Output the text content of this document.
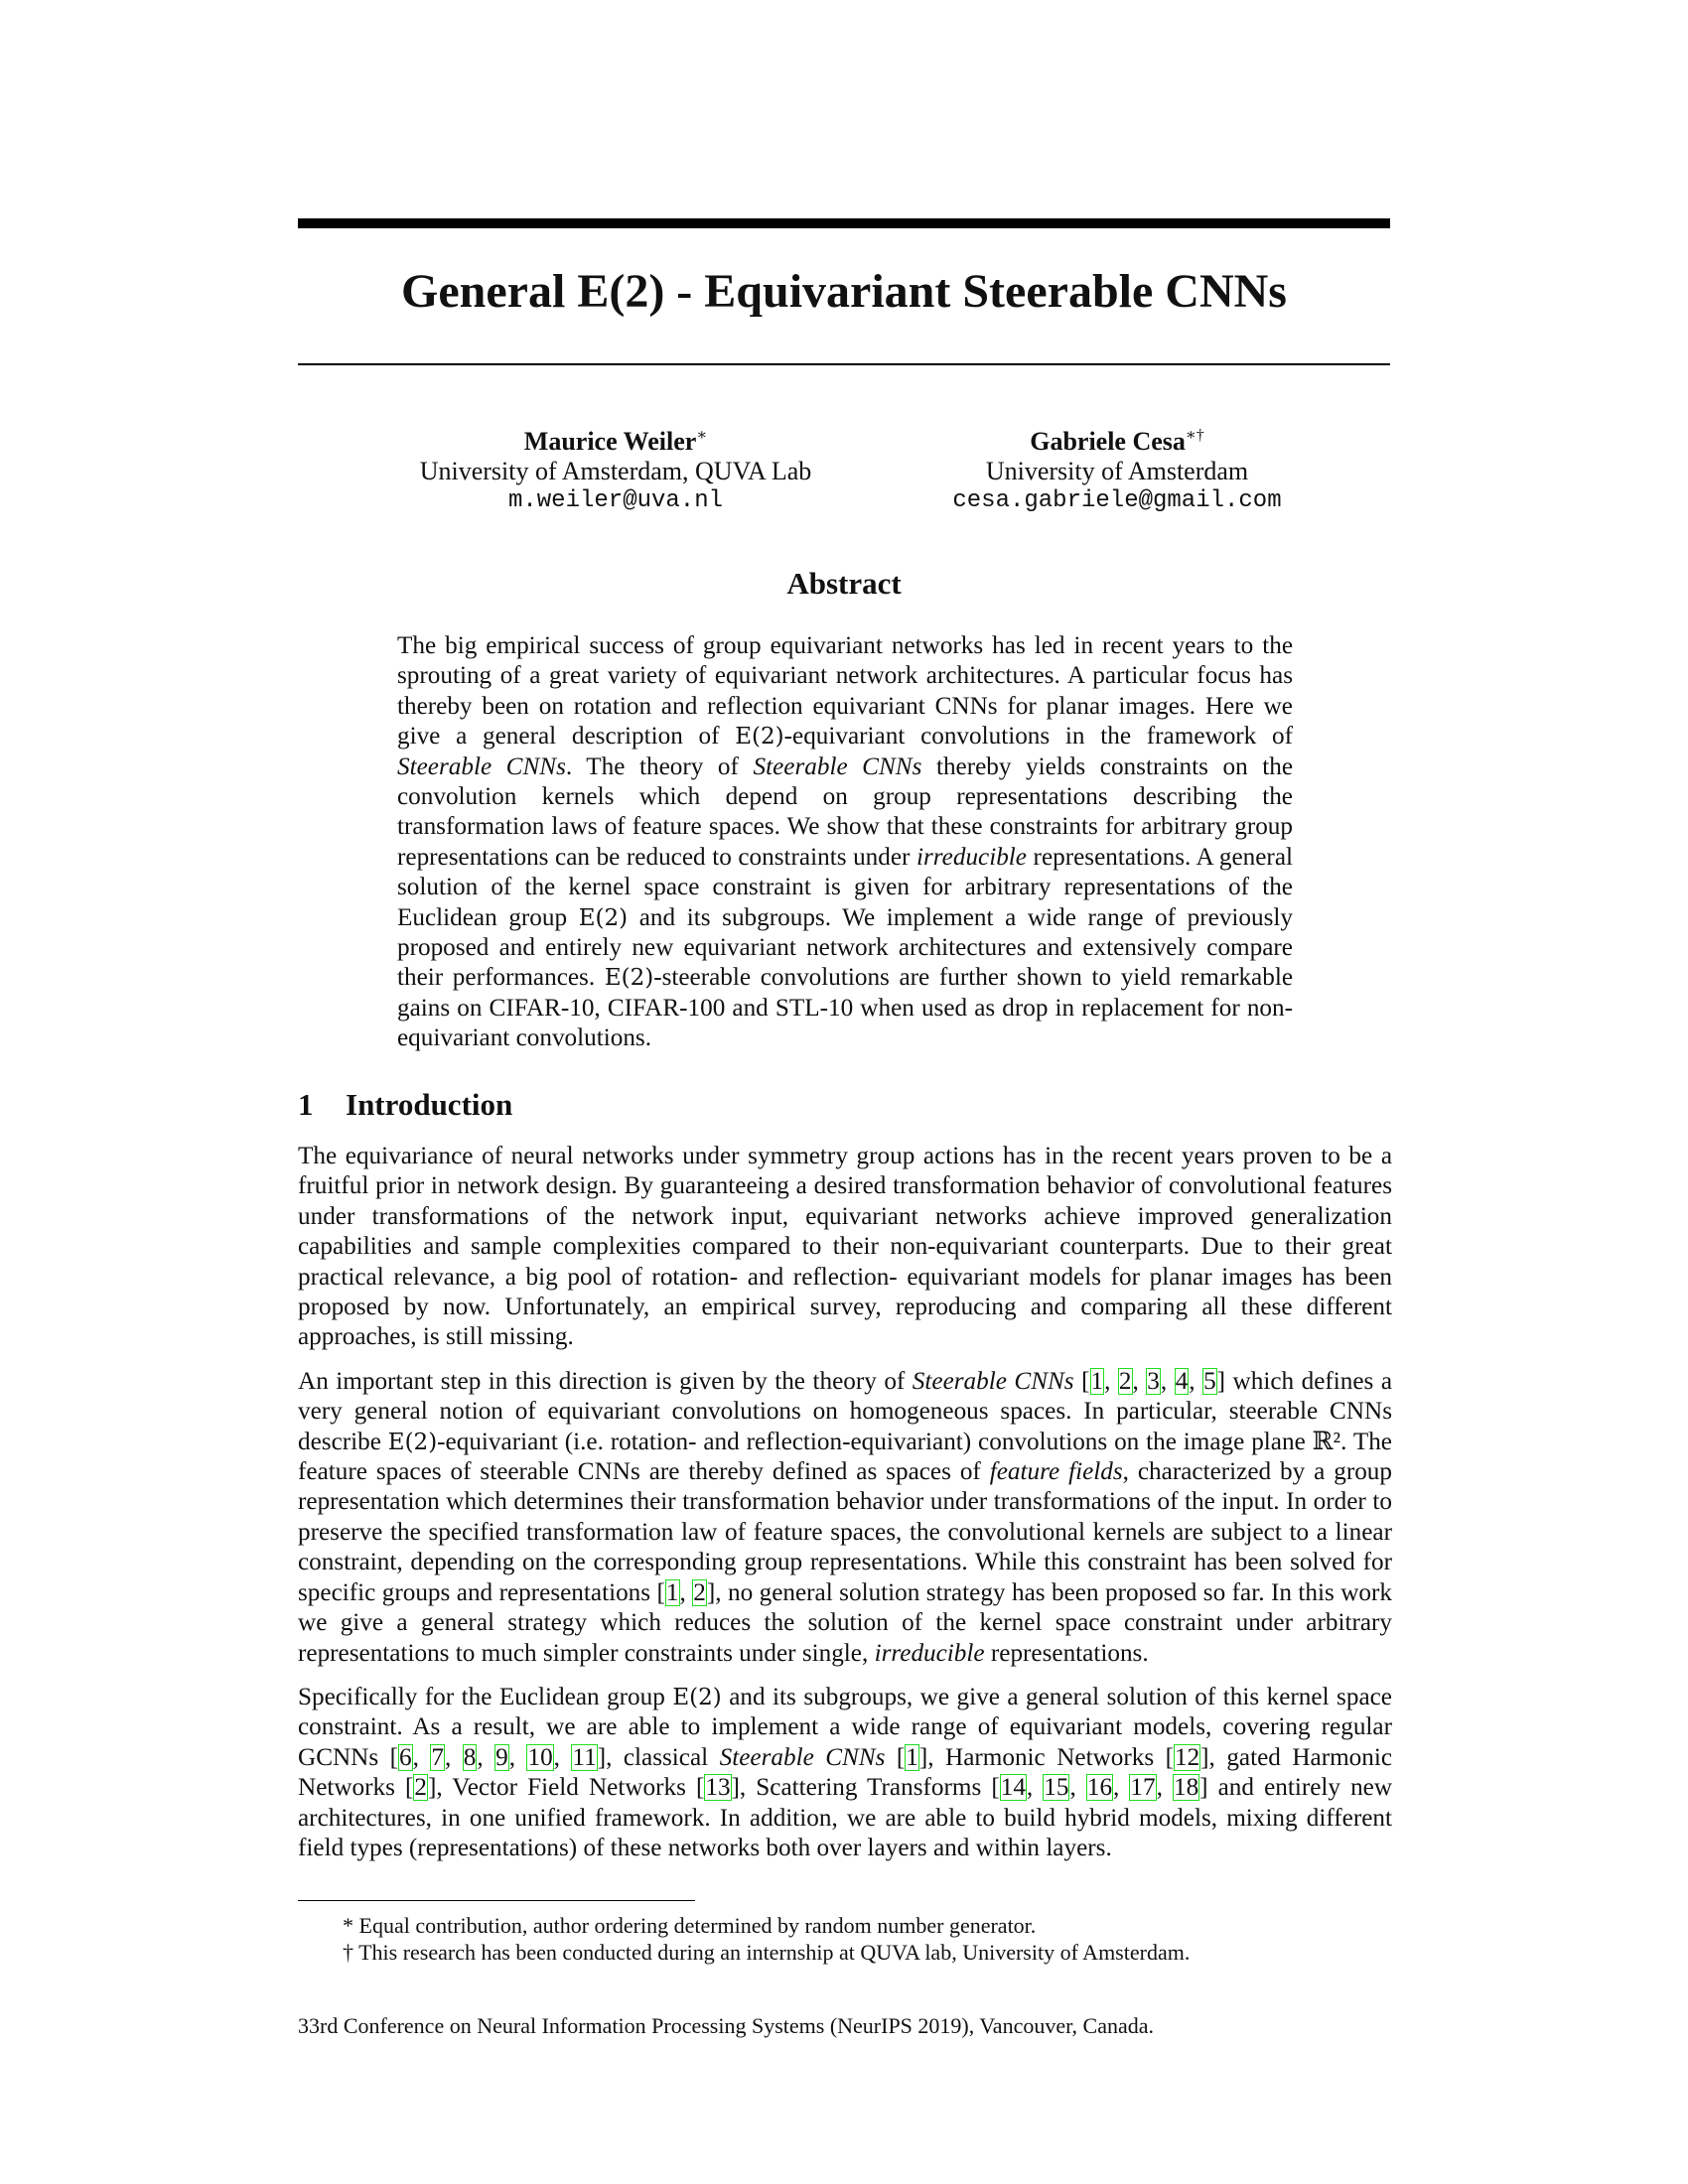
General E(2) - Equivariant Steerable CNNs
Maurice Weiler∗
University of Amsterdam, QUVA Lab
m.weiler@uva.nl
Gabriele Cesa∗†
University of Amsterdam
cesa.gabriele@gmail.com
Abstract
The big empirical success of group equivariant networks has led in recent years to the sprouting of a great variety of equivariant network architectures. A particular focus has thereby been on rotation and reflection equivariant CNNs for planar images. Here we give a general description of E(2)-equivariant convolutions in the framework of Steerable CNNs. The theory of Steerable CNNs thereby yields constraints on the convolution kernels which depend on group representations describing the transformation laws of feature spaces. We show that these constraints for arbitrary group representations can be reduced to constraints under irreducible representations. A general solution of the kernel space constraint is given for arbitrary representations of the Euclidean group E(2) and its subgroups. We implement a wide range of previously proposed and entirely new equivariant network architectures and extensively compare their performances. E(2)-steerable convolutions are further shown to yield remarkable gains on CIFAR-10, CIFAR-100 and STL-10 when used as drop in replacement for non-equivariant convolutions.
1 Introduction

The equivariance of neural networks under symmetry group actions has in the recent years proven to be a fruitful prior in network design. By guaranteeing a desired transformation behavior of convolutional features under transformations of the network input, equivariant networks achieve improved generalization capabilities and sample complexities compared to their non-equivariant counterparts. Due to their great practical relevance, a big pool of rotation- and reflection- equivariant models for planar images has been proposed by now. Unfortunately, an empirical survey, reproducing and comparing all these different approaches, is still missing.

An important step in this direction is given by the theory of Steerable CNNs [1, 2, 3, 4, 5] which defines a very general notion of equivariant convolutions on homogeneous spaces. In particular, steerable CNNs describe E(2)-equivariant (i.e. rotation- and reflection-equivariant) convolutions on the image plane ℝ². The feature spaces of steerable CNNs are thereby defined as spaces of feature fields, characterized by a group representation which determines their transformation behavior under transformations of the input. In order to preserve the specified transformation law of feature spaces, the convolutional kernels are subject to a linear constraint, depending on the corresponding group representations. While this constraint has been solved for specific groups and representations [1, 2], no general solution strategy has been proposed so far. In this work we give a general strategy which reduces the solution of the kernel space constraint under arbitrary representations to much simpler constraints under single, irreducible representations.

Specifically for the Euclidean group E(2) and its subgroups, we give a general solution of this kernel space constraint. As a result, we are able to implement a wide range of equivariant models, covering regular GCNNs [6, 7, 8, 9, 10, 11], classical Steerable CNNs [1], Harmonic Networks [12], gated Harmonic Networks [2], Vector Field Networks [13], Scattering Transforms [14, 15, 16, 17, 18] and entirely new architectures, in one unified framework. In addition, we are able to build hybrid models, mixing different field types (representations) of these networks both over layers and within layers.

* Equal contribution, author ordering determined by random number generator.
† This research has been conducted during an internship at QUVA lab, University of Amsterdam.
33rd Conference on Neural Information Processing Systems (NeurIPS 2019), Vancouver, Canada.
